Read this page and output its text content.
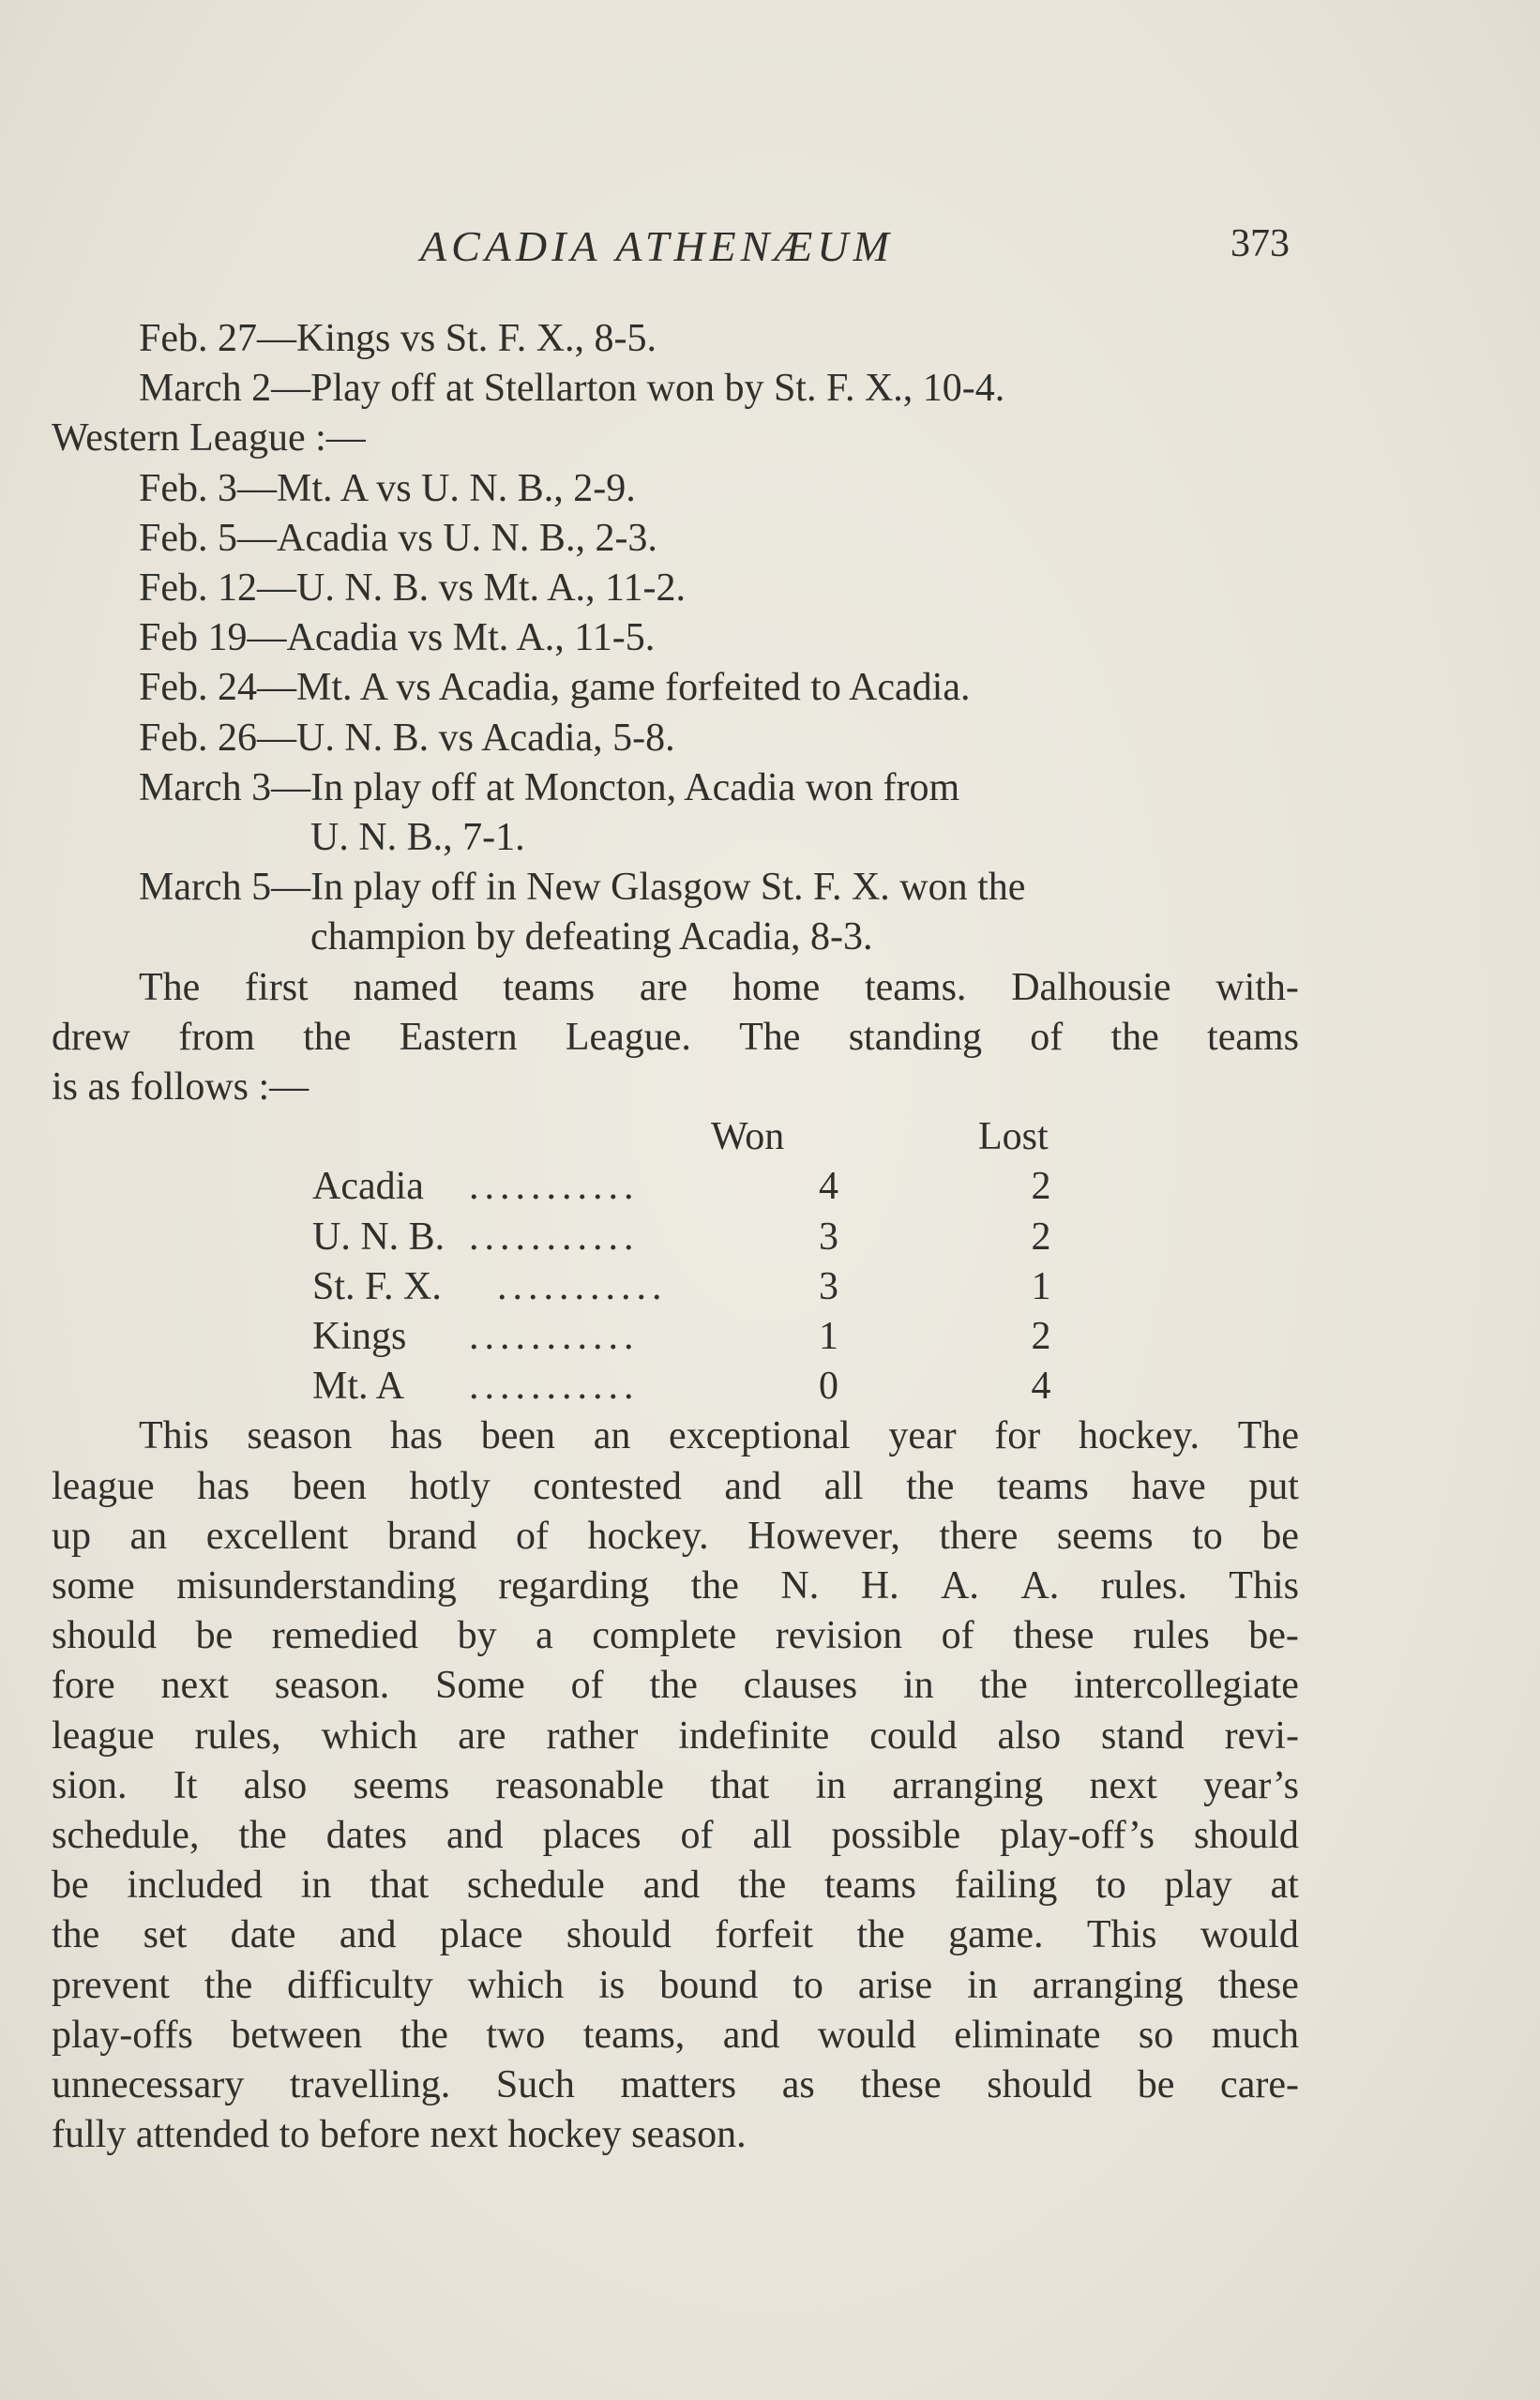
ACADIA ATHENÆUM	373

Feb. 27—Kings vs St. F. X., 8-5.

March 2—Play off at Stellarton won by St. F. X., 10-4.

Western League :—

Feb. 3—Mt. A vs U. N. B., 2-9.

Feb. 5—Acadia vs U. N. B., 2-3.

Feb. 12—U. N. B. vs Mt. A., 11-2.

Feb 19—Acadia vs Mt. A., 11-5.

Feb. 24—Mt. A vs Acadia, game forfeited to Acadia.

Feb. 26—U. N. B. vs Acadia, 5-8.

March 3—In play off at Moncton, Acadia won from

U. N. B., 7-1.

March 5—In play off in New Glasgow St. F. X. won the

champion by defeating Acadia, 8-3.

The first named teams are home teams. Dalhousie with-

drew from the Eastern League. The standing of the teams

is as follows :—

Won	Lost
Acadia ...........	4	2
U. N. B. ...........	3	2
St. F. X. ...........	3	1
Kings ...........	1	2
Mt. A ...........	0	4

This season has been an exceptional year for hockey. The

league has been hotly contested and all the teams have put

up an excellent brand of hockey. However, there seems to be

some misunderstanding regarding the N. H. A. A. rules. This

should be remedied by a complete revision of these rules be-

fore next season. Some of the clauses in the intercollegiate

league rules, which are rather indefinite could also stand revi-

sion. It also seems reasonable that in arranging next year’s

schedule, the dates and places of all possible play-off’s should

be included in that schedule and the teams failing to play at

the set date and place should forfeit the game. This would

prevent the difficulty which is bound to arise in arranging these

play-offs between the two teams, and would eliminate so much

unnecessary travelling. Such matters as these should be care-

fully attended to before next hockey season.
